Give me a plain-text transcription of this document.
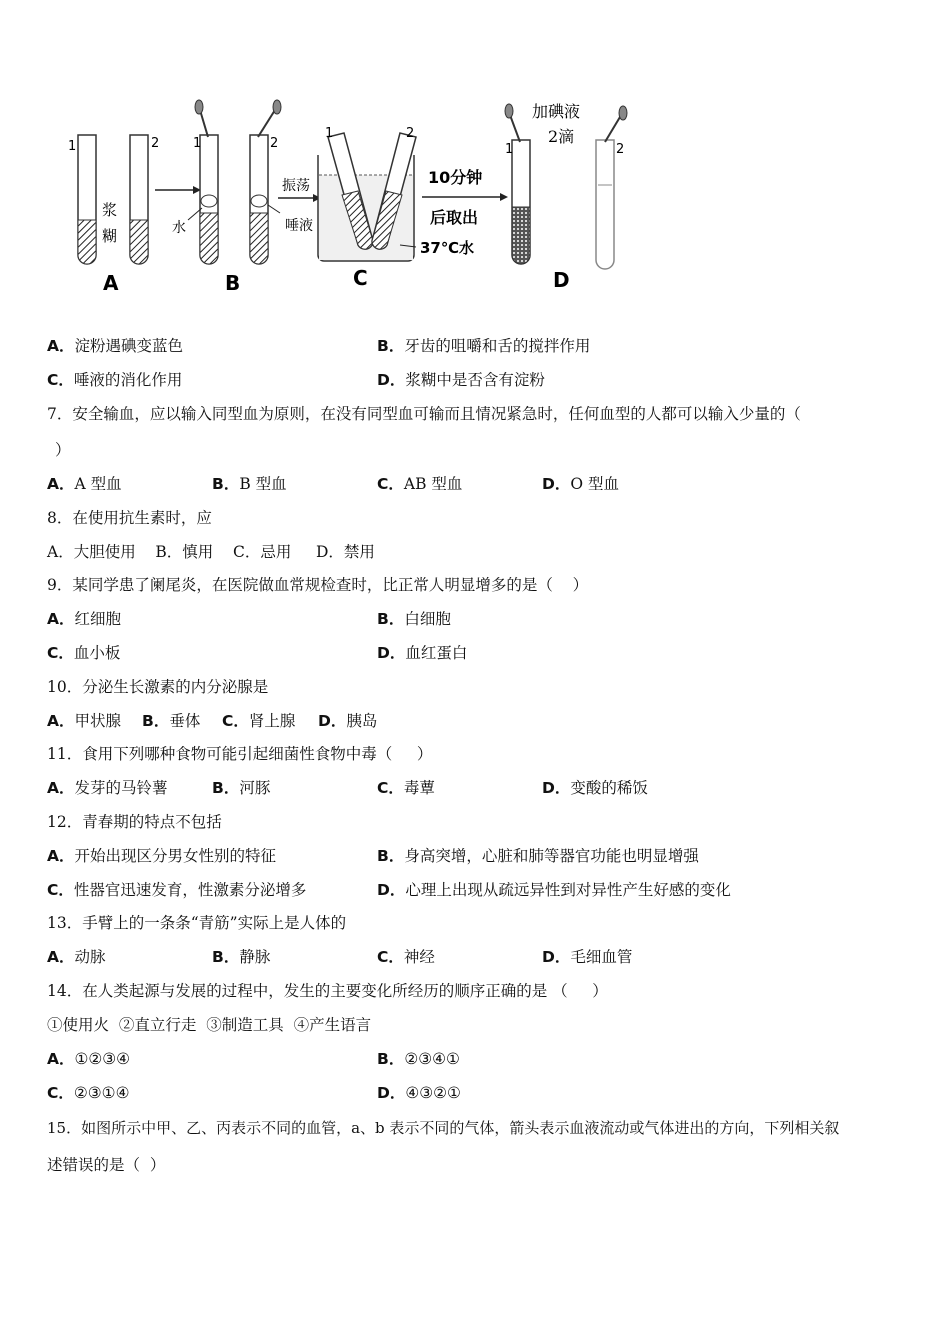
1	2
浆
糊
A
1	2
水
B
振荡
唾液
1	2
C
10分钟
后取出
37℃水
加碘液
2滴
1	2
D
A．淀粉遇碘变蓝色	B．牙齿的咀嚼和舌的搅拌作用
C．唾液的消化作用	D．浆糊中是否含有淀粉
7．安全输血，应以输入同型血为原则，在没有同型血可输而且情况紧急时，任何血型的人都可以输入少量的（
）
A．A 型血	B．B 型血	C．AB 型血	D．O 型血
8．在使用抗生素时，应
A．大胆使用    B．慎用    C．忌用     D．禁用
9．某同学患了阑尾炎，在医院做血常规检查时，比正常人明显增多的是（    ）
A．红细胞	B．白细胞
C．血小板	D．血红蛋白
10．分泌生长激素的内分泌腺是
A．甲状腺 B．垂体 C．肾上腺 D．胰岛
11．食用下列哪种食物可能引起细菌性食物中毒（     ）
A．发芽的马铃薯	B．河豚	C．毒蕈	D．变酸的稀饭
12．青春期的特点不包括
A．开始出现区分男女性别的特征	B．身高突增，心脏和肺等器官功能也明显增强
C．性器官迅速发育，性激素分泌增多	D．心理上出现从疏远异性到对异性产生好感的变化
13．手臂上的一条条“青筋”实际上是人体的
A．动脉	B．静脉	C．神经	D．毛细血管
14．在人类起源与发展的过程中，发生的主要变化所经历的顺序正确的是 （     ）
①使用火  ②直立行走  ③制造工具  ④产生语言
A．①②③④	B．②③④①
C．②③①④	D．④③②①
15．如图所示中甲、乙、丙表示不同的血管，a、b 表示不同的气体，箭头表示血液流动或气体进出的方向，下列相关叙
述错误的是（  ）
